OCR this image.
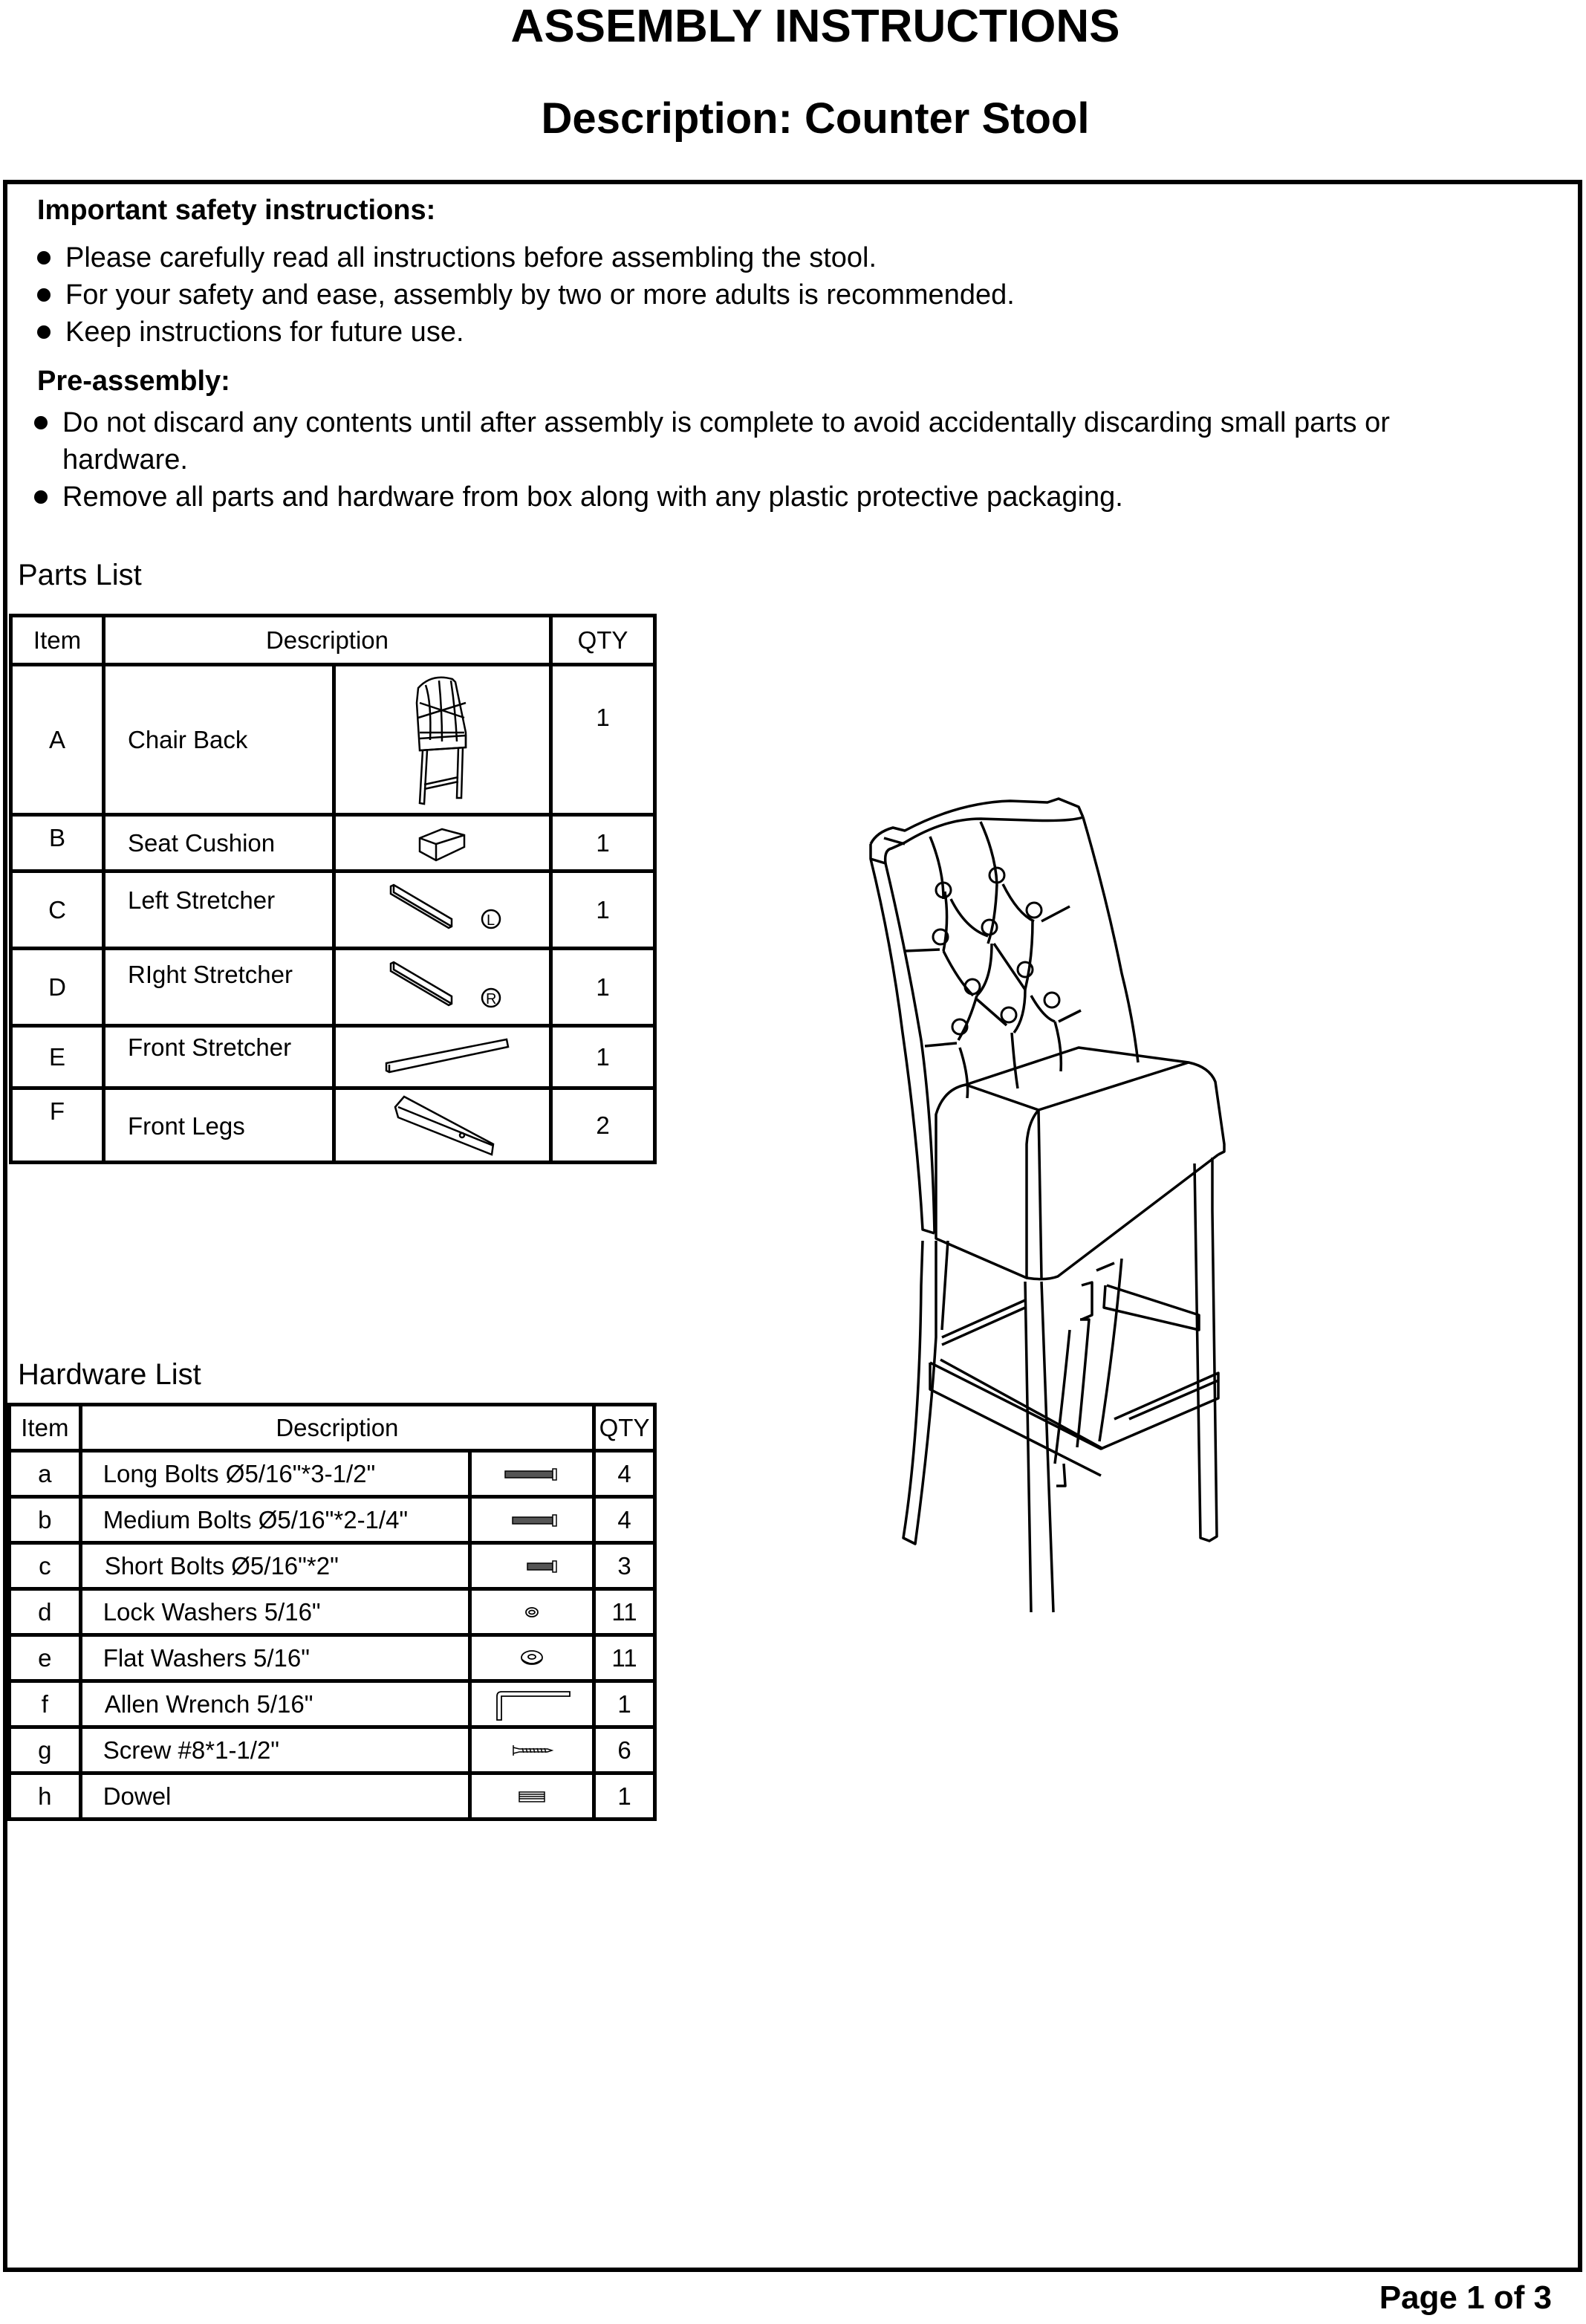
ASSEMBLY INSTRUCTIONS
Description: Counter Stool
Important safety instructions:
Please carefully read all instructions before assembling the stool.
For your safety and ease, assembly by two or more adults is recommended.
Keep instructions for future use.
Pre-assembly:
Do not discard any contents until after assembly is complete to avoid accidentally discarding small parts or hardware.
Remove all parts and hardware from box along with any plastic protective packaging.
Parts List
Item	Description		QTY
A	Chair Back		1
B	Seat Cushion		1
C	Left Stretcher	L	1
D	RIght Stretcher	R	1
E	Front Stretcher		1
F	Front Legs		2
Hardware List
Item	Description		QTY
a	Long Bolts Ø5/16"*3-1/2"		4
b	Medium Bolts Ø5/16"*2-1/4"		4
c	Short Bolts Ø5/16"*2"		3
d	Lock Washers 5/16"		11
e	Flat Washers 5/16"		11
f	Allen Wrench 5/16"		1
g	Screw #8*1-1/2"		6
h	Dowel		1
Page 1 of 3
